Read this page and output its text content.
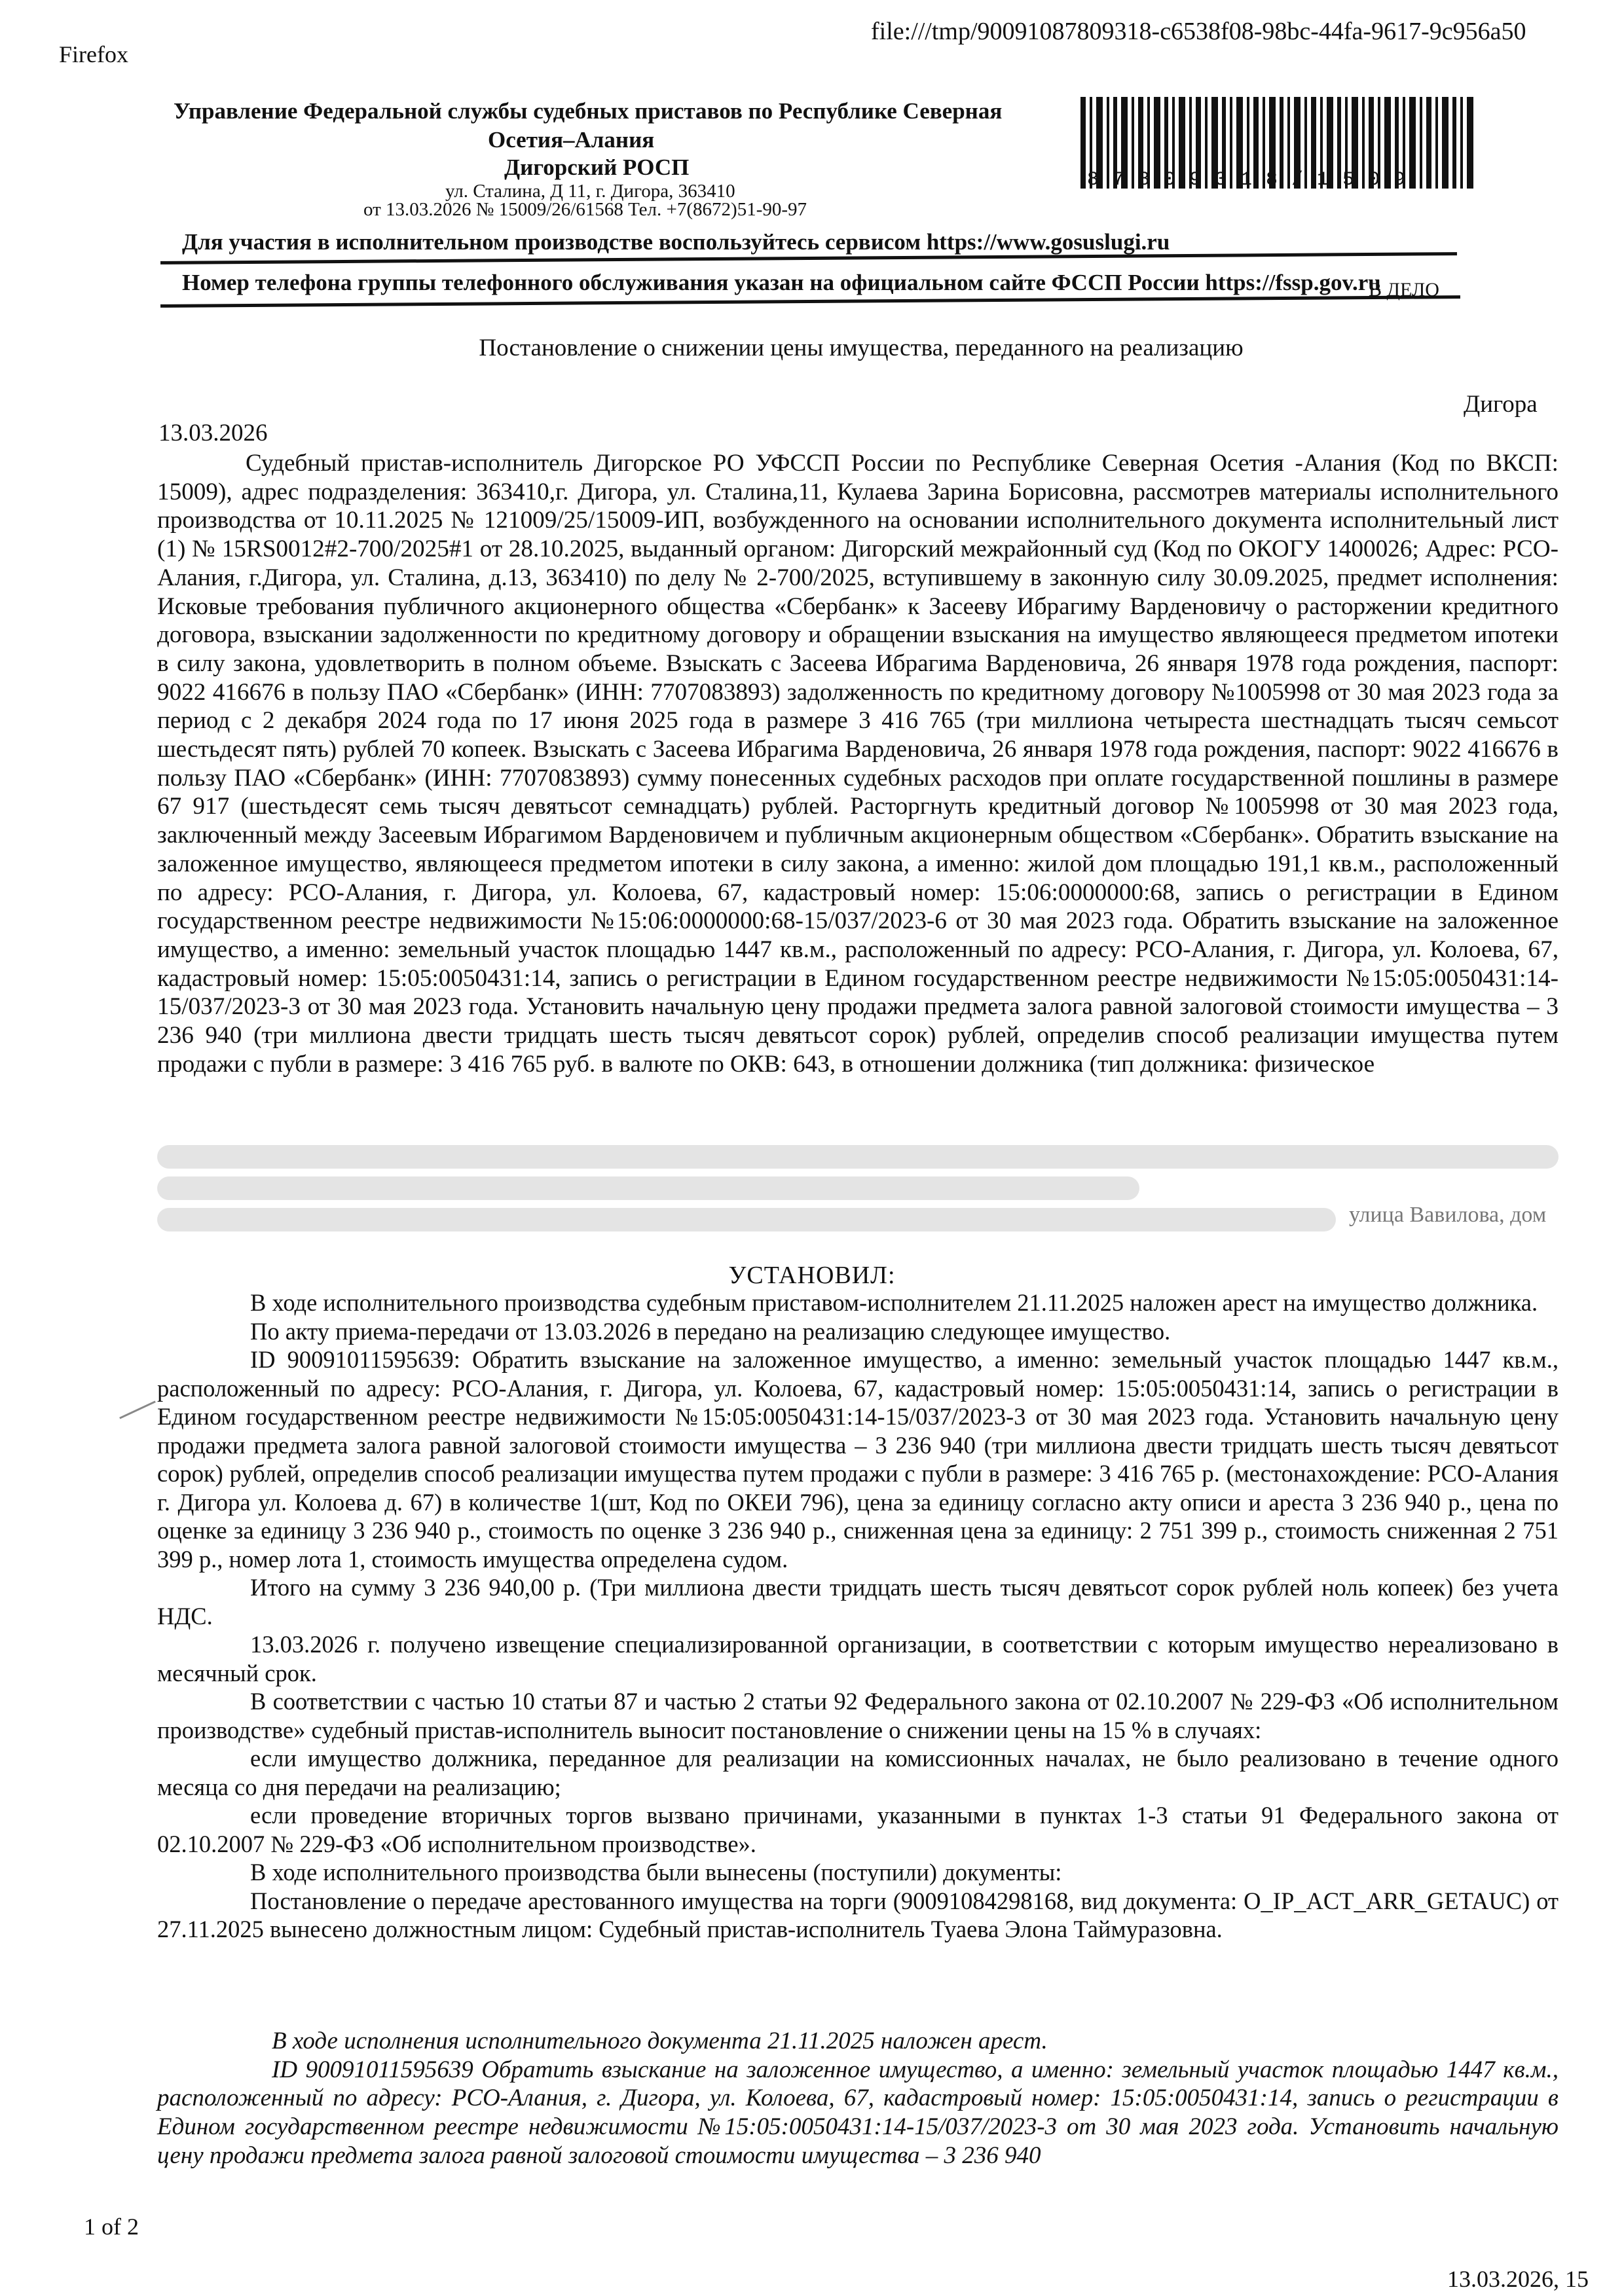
Firefox
file:///tmp/90091087809318-c6538f08-98bc-44fa-9617-9c956a50
Управление Федеральной службы судебных приставов по Республике Северная
Осетия–Алания
Дигорский РОСП
ул. Сталина, Д 11, г. Дигора, 363410
от 13.03.2026 № 15009/26/61568 Тел. +7(8672)51-90-97
Для участия в исполнительном производстве воспользуйтесь сервисом https://www.gosuslugi.ru
Номер телефона группы телефонного обслуживания указан на официальном сайте ФССП России https://fssp.gov.ru
87809318/1509
В ДЕЛО
Постановление о снижении цены имущества, переданного на реализацию
Дигора
13.03.2026

Судебный пристав-исполнитель Дигорское РО УФССП России по Республике Северная Осетия -Алания (Код по ВКСП: 15009), адрес подразделения: 363410,г. Дигора, ул. Сталина,11, Кулаева Зарина Борисовна, рассмотрев материалы исполнительного производства от 10.11.2025 № 121009/25/15009-ИП, возбужденного на основании исполнительного документа исполнительный лист (1) № 15RS0012#2-700/2025#1 от 28.10.2025, выданный органом: Дигорский межрайонный суд (Код по ОКОГУ 1400026; Адрес: РСО-Алания, г.Дигора, ул. Сталина, д.13, 363410) по делу № 2-700/2025, вступившему в законную силу 30.09.2025, предмет исполнения: Исковые требования публичного акционерного общества «Сбербанк» к Засееву Ибрагиму Варденовичу о расторжении кредитного договора, взыскании задолженности по кредитному договору и обращении взыскания на имущество являющееся предметом ипотеки в силу закона, удовлетворить в полном объеме. Взыскать с Засеева Ибрагима Варденовича, 26 января 1978 года рождения, паспорт: 9022 416676 в пользу ПАО «Сбербанк» (ИНН: 7707083893) задолженность по кредитному договору №1005998 от 30 мая 2023 года за период с 2 декабря 2024 года по 17 июня 2025 года в размере 3 416 765 (три миллиона четыреста шестнадцать тысяч семьсот шестьдесят пять) рублей 70 копеек. Взыскать с Засеева Ибрагима Варденовича, 26 января 1978 года рождения, паспорт: 9022 416676 в пользу ПАО «Сбербанк» (ИНН: 7707083893) сумму понесенных судебных расходов при оплате государственной пошлины в размере 67 917 (шестьдесят семь тысяч девятьсот семнадцать) рублей. Расторгнуть кредитный договор №1005998 от 30 мая 2023 года, заключенный между Засеевым Ибрагимом Варденовичем и публичным акционерным обществом «Сбербанк». Обратить взыскание на заложенное имущество, являющееся предметом ипотеки в силу закона, а именно: жилой дом площадью 191,1 кв.м., расположенный по адресу: РСО-Алания, г. Дигора, ул. Колоева, 67, кадастровый номер: 15:06:0000000:68, запись о регистрации в Едином государственном реестре недвижимости №15:06:0000000:68-15/037/2023-6 от 30 мая 2023 года. Обратить взыскание на заложенное имущество, а именно: земельный участок площадью 1447 кв.м., расположенный по адресу: РСО-Алания, г. Дигора, ул. Колоева, 67, кадастровый номер: 15:05:0050431:14, запись о регистрации в Едином государственном реестре недвижимости №15:05:0050431:14-15/037/2023-3 от 30 мая 2023 года. Установить начальную цену продажи предмета залога равной залоговой стоимости имущества – 3 236 940 (три миллиона двести тридцать шесть тысяч девятьсот сорок) рублей, определив способ реализации имущества путем продажи с публи в размере: 3 416 765 руб. в валюте по ОКВ: 643, в отношении должника (тип должника: физическое

улица Вавилова, дом
УСТАНОВИЛ:

В ходе исполнительного производства судебным приставом-исполнителем 21.11.2025 наложен арест на имущество должника.

По акту приема-передачи от 13.03.2026 в передано на реализацию следующее имущество.

ID 90091011595639: Обратить взыскание на заложенное имущество, а именно: земельный участок площадью 1447 кв.м., расположенный по адресу: РСО-Алания, г. Дигора, ул. Колоева, 67, кадастровый номер: 15:05:0050431:14, запись о регистрации в Едином государственном реестре недвижимости №15:05:0050431:14-15/037/2023-3 от 30 мая 2023 года. Установить начальную цену продажи предмета залога равной залоговой стоимости имущества – 3 236 940 (три миллиона двести тридцать шесть тысяч девятьсот сорок) рублей, определив способ реализации имущества путем продажи с публи в размере: 3 416 765 р. (местонахождение: РСО-Алания г. Дигора ул. Колоева д. 67) в количестве 1(шт, Код по ОКЕИ 796), цена за единицу согласно акту описи и ареста 3 236 940 р., цена по оценке за единицу 3 236 940 р., стоимость по оценке 3 236 940 р., сниженная цена за единицу: 2 751 399 р., стоимость сниженная 2 751 399 р., номер лота 1, стоимость имущества определена судом.

Итого на сумму 3 236 940,00 р. (Три миллиона двести тридцать шесть тысяч девятьсот сорок рублей ноль копеек) без учета НДС.

13.03.2026 г. получено извещение специализированной организации, в соответствии с которым имущество нереализовано в месячный срок.

В соответствии с частью 10 статьи 87 и частью 2 статьи 92 Федерального закона от 02.10.2007 № 229-ФЗ «Об исполнительном производстве» судебный пристав-исполнитель выносит постановление о снижении цены на 15 % в случаях:

если имущество должника, переданное для реализации на комиссионных началах, не было реализовано в течение одного месяца со дня передачи на реализацию;

если проведение вторичных торгов вызвано причинами, указанными в пунктах 1-3 статьи 91 Федерального закона от 02.10.2007 № 229-ФЗ «Об исполнительном производстве».

В ходе исполнительного производства были вынесены (поступили) документы:

Постановление о передаче арестованного имущества на торги (90091084298168, вид документа: O_IP_ACT_ARR_GETAUC) от 27.11.2025 вынесено должностным лицом: Судебный пристав-исполнитель Туаева Элона Таймуразовна.

В ходе исполнения исполнительного документа 21.11.2025 наложен арест.

ID 90091011595639 Обратить взыскание на заложенное имущество, а именно: земельный участок площадью 1447 кв.м., расположенный по адресу: РСО-Алания, г. Дигора, ул. Колоева, 67, кадастровый номер: 15:05:0050431:14, запись о регистрации в Едином государственном реестре недвижимости №15:05:0050431:14-15/037/2023-3 от 30 мая 2023 года. Установить начальную цену продажи предмета залога равной залоговой стоимости имущества – 3 236 940

1 of 2
13.03.2026, 15
